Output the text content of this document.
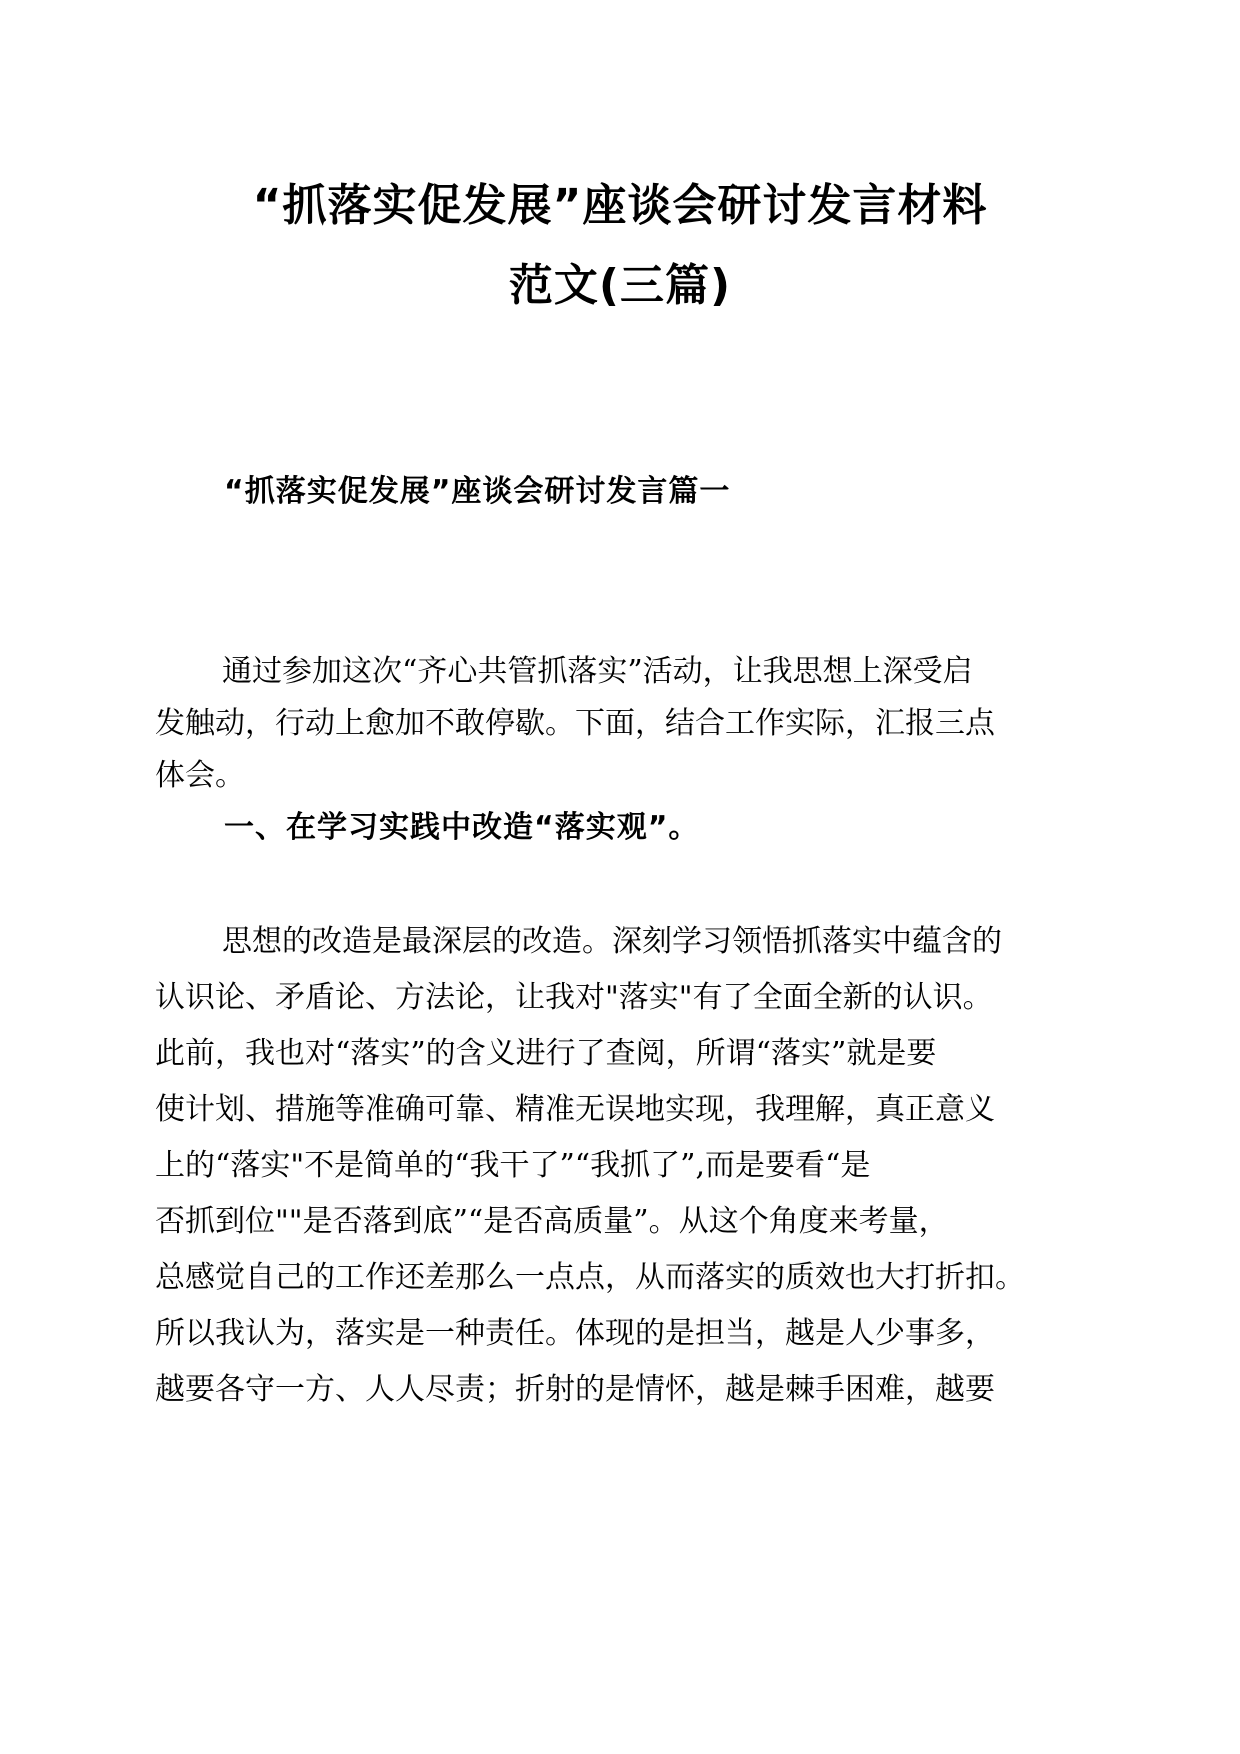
“抓落实促发展”座谈会研讨发言材料
范文(三篇)
“抓落实促发展”座谈会研讨发言篇一

通过参加这次“齐心共管抓落实”活动，让我思想上深受启
发触动，行动上愈加不敢停歇。下面，结合工作实际，汇报三点
体会。

一、在学习实践中改造“落实观”。

思想的改造是最深层的改造。深刻学习领悟抓落实中蕴含的
认识论、矛盾论、方法论，让我对"落实"有了全面全新的认识。
此前，我也对“落实”的含义进行了查阅，所谓“落实”就是要
使计划、措施等准确可靠、精准无误地实现，我理解，真正意义
上的“落实"不是简单的“我干了”“我抓了”,而是要看“是
否抓到位""是否落到底”“是否高质量”。从这个角度来考量，
总感觉自己的工作还差那么一点点，从而落实的质效也大打折扣。
所以我认为，落实是一种责任。体现的是担当，越是人少事多，
越要各守一方、人人尽责；折射的是情怀，越是棘手困难，越要
